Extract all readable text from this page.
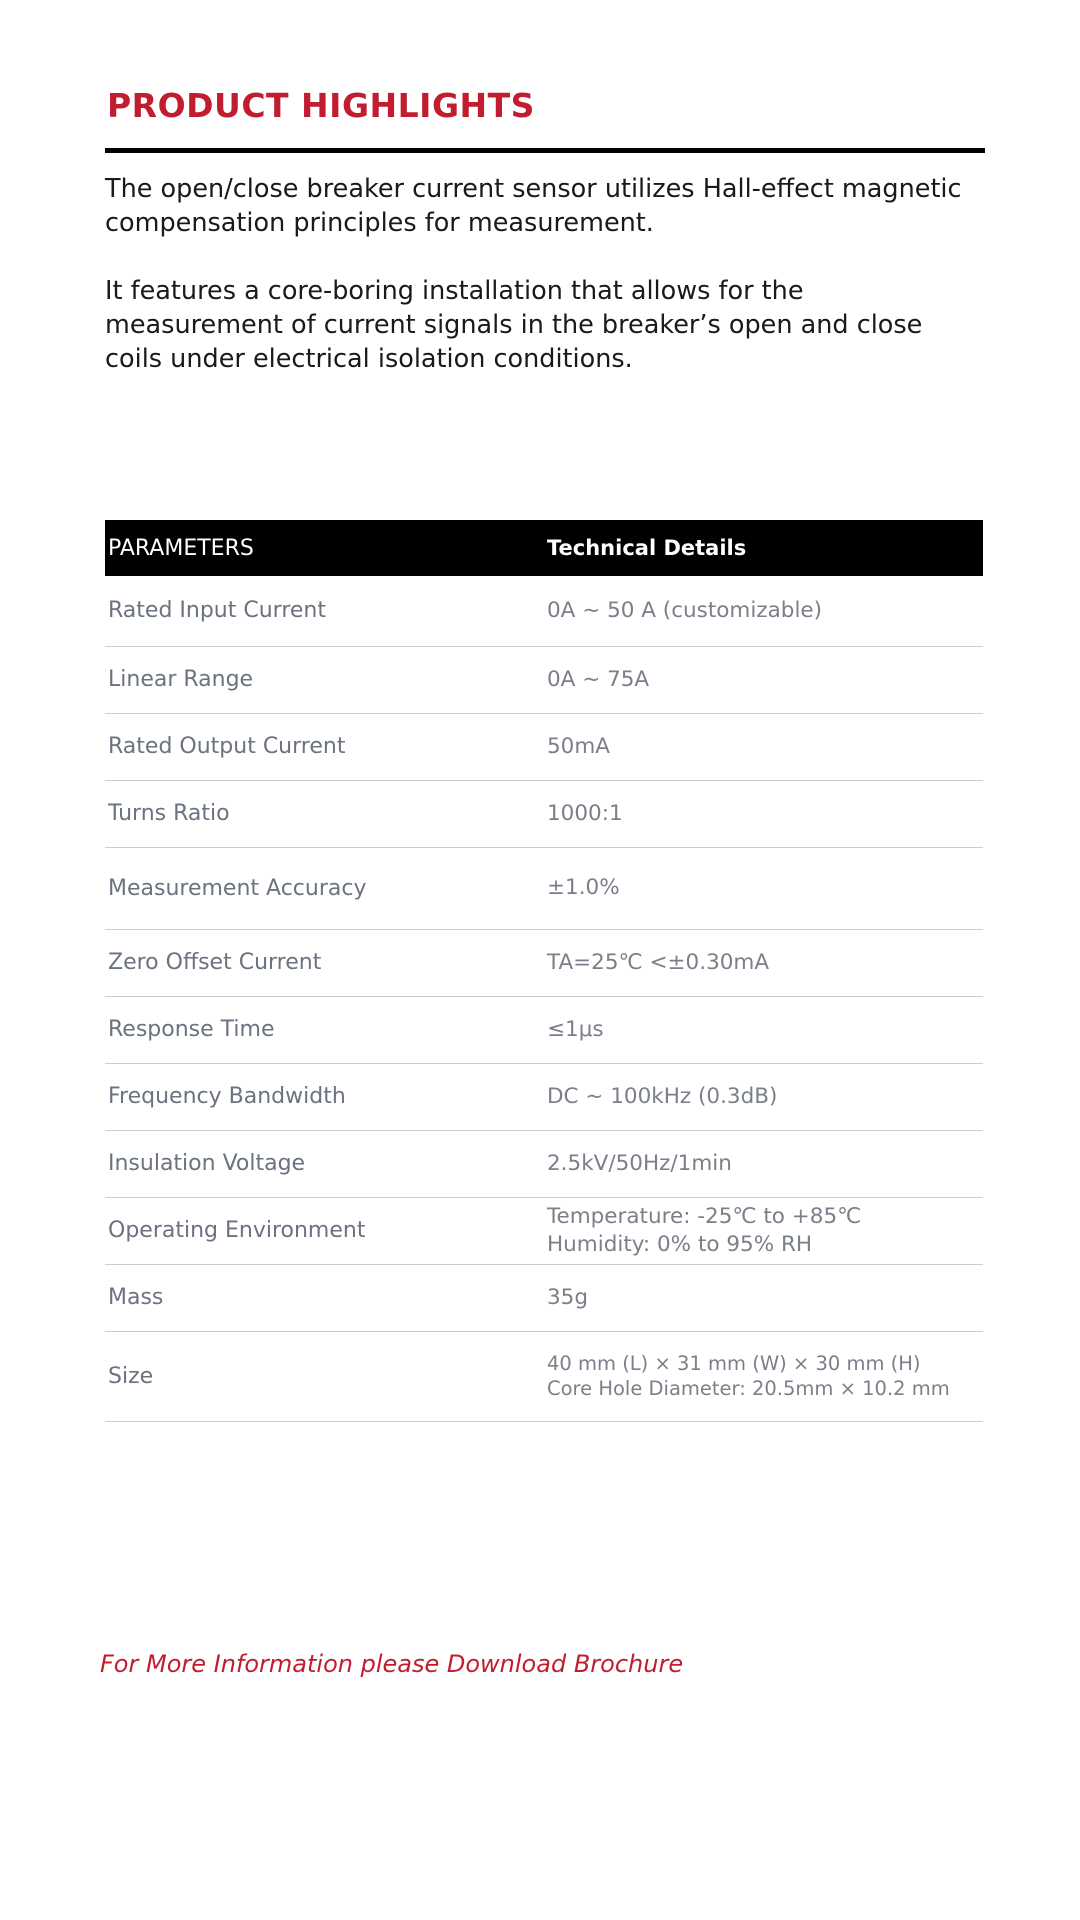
PRODUCT HIGHLIGHTS

The open/close breaker current sensor utilizes Hall-effect magnetic compensation principles for measurement.

It features a core-boring installation that allows for the measurement of current signals in the breaker’s open and close coils under electrical isolation conditions.

PARAMETERS	Technical Details
Rated Input Current	0A ~ 50 A (customizable)
Linear Range	0A ~ 75A
Rated Output Current	50mA
Turns Ratio	1000:1
Measurement Accuracy	±1.0%
Zero Offset Current	TA=25℃ <±0.30mA
Response Time	≤1μs
Frequency Bandwidth	DC ~ 100kHz (0.3dB)
Insulation Voltage	2.5kV/50Hz/1min
Operating Environment	Temperature: -25℃ to +85℃
Humidity: 0% to 95% RH

Mass	35g
Size	40 mm (L) × 31 mm (W) × 30 mm (H)
Core Hole Diameter: 20.5mm × 10.2 mm
For More Information please Download Brochure
